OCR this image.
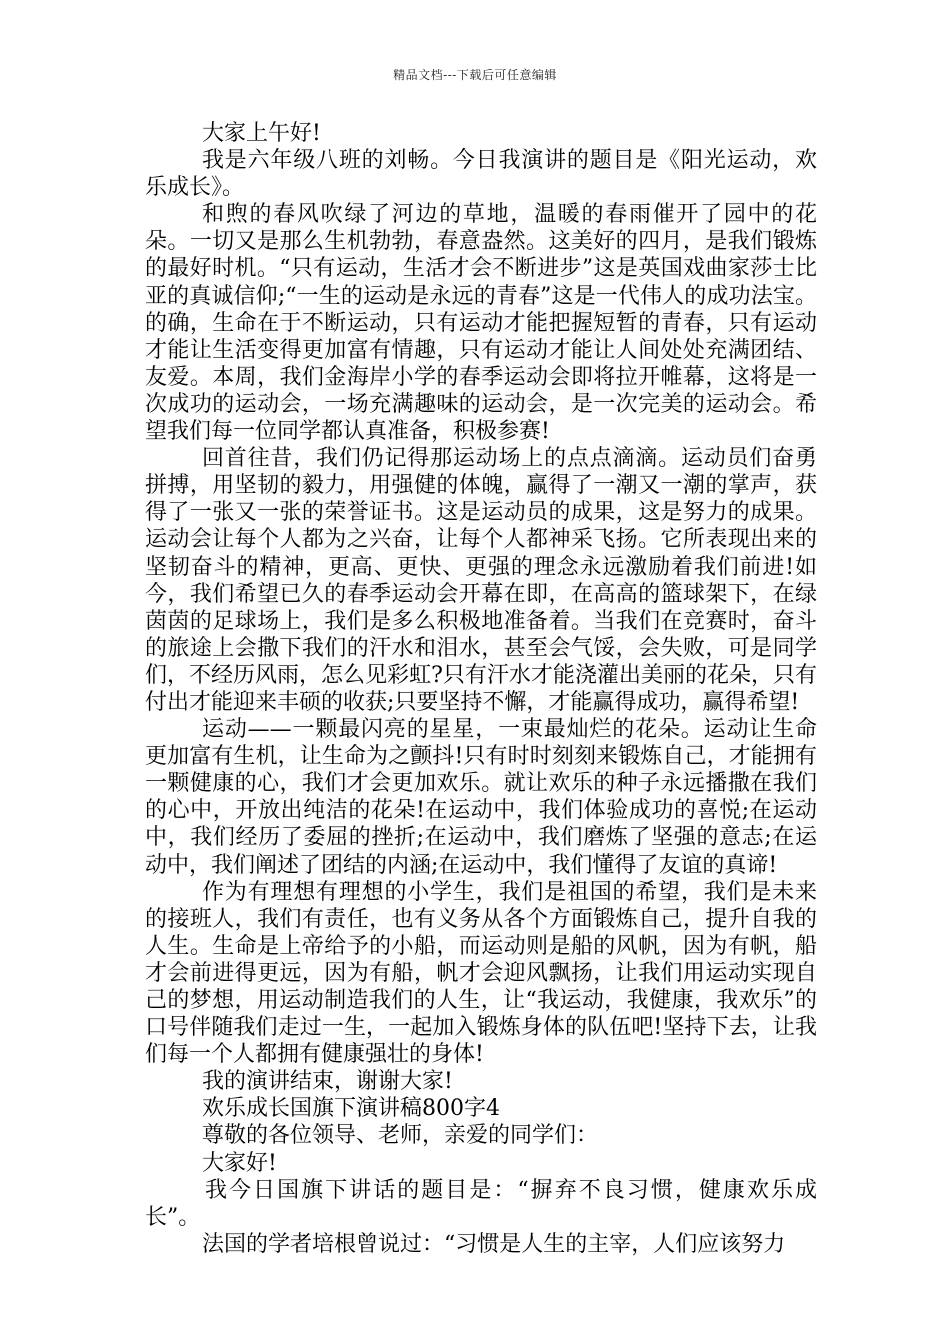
精品文档---下载后可任意编辑

大家上午好!

我是六年级八班的刘畅。今日我演讲的题目是《阳光运动，欢乐成长》。

和煦的春风吹绿了河边的草地，温暖的春雨催开了园中的花朵。一切又是那么生机勃勃，春意盎然。这美好的四月，是我们锻炼的最好时机。“只有运动，生活才会不断进步”这是英国戏曲家莎士比亚的真诚信仰;“一生的运动是永远的青春”这是一代伟人的成功法宝。的确，生命在于不断运动，只有运动才能把握短暂的青春，只有运动才能让生活变得更加富有情趣，只有运动才能让人间处处充满团结、友爱。本周，我们金海岸小学的春季运动会即将拉开帷幕，这将是一次成功的运动会，一场充满趣味的运动会，是一次完美的运动会。希望我们每一位同学都认真准备，积极参赛!

回首往昔，我们仍记得那运动场上的点点滴滴。运动员们奋勇拼搏，用坚韧的毅力，用强健的体魄，赢得了一潮又一潮的掌声，获得了一张又一张的荣誉证书。这是运动员的成果，这是努力的成果。运动会让每个人都为之兴奋，让每个人都神采飞扬。它所表现出来的坚韧奋斗的精神，更高、更快、更强的理念永远激励着我们前进!如今，我们希望已久的春季运动会开幕在即，在高高的篮球架下，在绿茵茵的足球场上，我们是多么积极地准备着。当我们在竞赛时，奋斗的旅途上会撒下我们的汗水和泪水，甚至会气馁，会失败，可是同学们，不经历风雨，怎么见彩虹?只有汗水才能浇灌出美丽的花朵，只有付出才能迎来丰硕的收获;只要坚持不懈，才能赢得成功，赢得希望!

运动——一颗最闪亮的星星，一束最灿烂的花朵。运动让生命更加富有生机，让生命为之颤抖!只有时时刻刻来锻炼自己，才能拥有一颗健康的心，我们才会更加欢乐。就让欢乐的种子永远播撒在我们的心中，开放出纯洁的花朵!在运动中，我们体验成功的喜悦;在运动中，我们经历了委屈的挫折;在运动中，我们磨炼了坚强的意志;在运动中，我们阐述了团结的内涵;在运动中，我们懂得了友谊的真谛!

作为有理想有理想的小学生，我们是祖国的希望，我们是未来的接班人，我们有责任，也有义务从各个方面锻炼自己，提升自我的人生。生命是上帝给予的小船，而运动则是船的风帆，因为有帆，船才会前进得更远，因为有船，帆才会迎风飘扬，让我们用运动实现自己的梦想，用运动制造我们的人生，让“我运动，我健康，我欢乐”的口号伴随我们走过一生，一起加入锻炼身体的队伍吧!坚持下去，让我们每一个人都拥有健康强壮的身体!

我的演讲结束，谢谢大家!

欢乐成长国旗下演讲稿800字4

尊敬的各位领导、老师，亲爱的同学们：

大家好!

我今日国旗下讲话的题目是：“摒弃不良习惯，健康欢乐成长”。

法国的学者培根曾说过：“习惯是人生的主宰，人们应该努力
